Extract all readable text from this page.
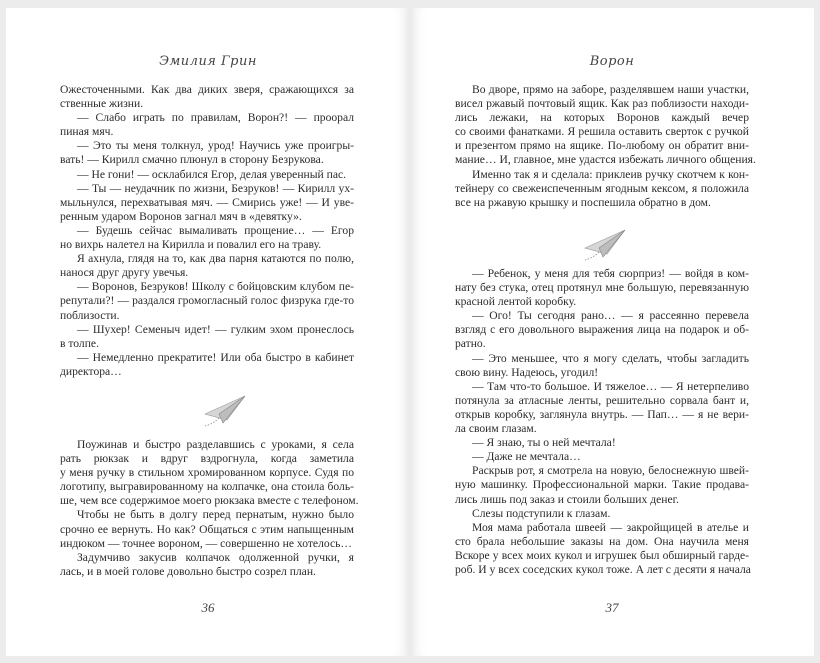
Эмилия Грин
Ожесточенными. Как два диких зверя, сражающихся за
ственные жизни.
— Слабо играть по правилам, Ворон?! — проорал
пиная мяч.
— Это ты меня толкнул, урод! Научись уже проигры-
вать! — Кирилл смачно плюнул в сторону Безрукова.
— Не гони! — осклабился Егор, делая уверенный пас.
— Ты — неудачник по жизни, Безруков! — Кирилл ух-
мыльнулся, перехватывая мяч. — Смирись уже! — И уве-
ренным ударом Воронов загнал мяч в «девятку».
— Будешь сейчас вымаливать прощение… — Егор
но вихрь налетел на Кирилла и повалил его на траву.
Я ахнула, глядя на то, как два парня катаются по полю,
нанося друг другу увечья.
— Воронов, Безруков! Школу с бойцовским клубом пе-
репутали?! — раздался громогласный голос физрука где-то
поблизости.
— Шухер! Семеныч идет! — гулким эхом пронеслось
в толпе.
— Немедленно прекратите! Или оба быстро в кабинет
директора…
Поужинав и быстро разделавшись с уроками, я села
рать рюкзак и вдруг вздрогнула, когда заметила
у меня ручку в стильном хромированном корпусе. Судя по
логотипу, выгравированному на колпачке, она стоила боль-
ше, чем все содержимое моего рюкзака вместе с телефоном.
Чтобы не быть в долгу перед пернатым, нужно было
срочно ее вернуть. Но как? Общаться с этим напыщенным
индюком — точнее вороном, — совершенно не хотелось…
Задумчиво закусив колпачок одолженной ручки, я
лась, и в моей голове довольно быстро созрел план.
36
Ворон
Во дворе, прямо на заборе, разделявшем наши участки,
висел ржавый почтовый ящик. Как раз поблизости находи-
лись лежаки, на которых Воронов каждый вечер
со своими фанатками. Я решила оставить сверток с ручкой
и презентом прямо на ящике. По-любому он обратит вни-
мание… И, главное, мне удастся избежать личного общения.
Именно так я и сделала: приклеив ручку скотчем к кон-
тейнеру со свежеиспеченным ягодным кексом, я положила
все на ржавую крышку и поспешила обратно в дом.
— Ребенок, у меня для тебя сюрприз! — войдя в ком-
нату без стука, отец протянул мне большую, перевязанную
красной лентой коробку.
— Ого! Ты сегодня рано… — я рассеянно перевела
взгляд с его довольного выражения лица на подарок и об-
ратно.
— Это меньшее, что я могу сделать, чтобы загладить
свою вину. Надеюсь, угодил!
— Там что-то большое. И тяжелое… — Я нетерпеливо
потянула за атласные ленты, решительно сорвала бант и,
открыв коробку, заглянула внутрь. — Пап… — я не вери-
ла своим глазам.
— Я знаю, ты о ней мечтала!
— Даже не мечтала…
Раскрыв рот, я смотрела на новую, белоснежную швей-
ную машинку. Профессиональной марки. Такие продава-
лись лишь под заказ и стоили больших денег.
Слезы подступили к глазам.
Моя мама работала швеей — закройщицей в ателье и
сто брала небольшие заказы на дом. Она научила меня
Вскоре у всех моих кукол и игрушек был обширный гарде-
роб. И у всех соседских кукол тоже. А лет с десяти я начала
37
